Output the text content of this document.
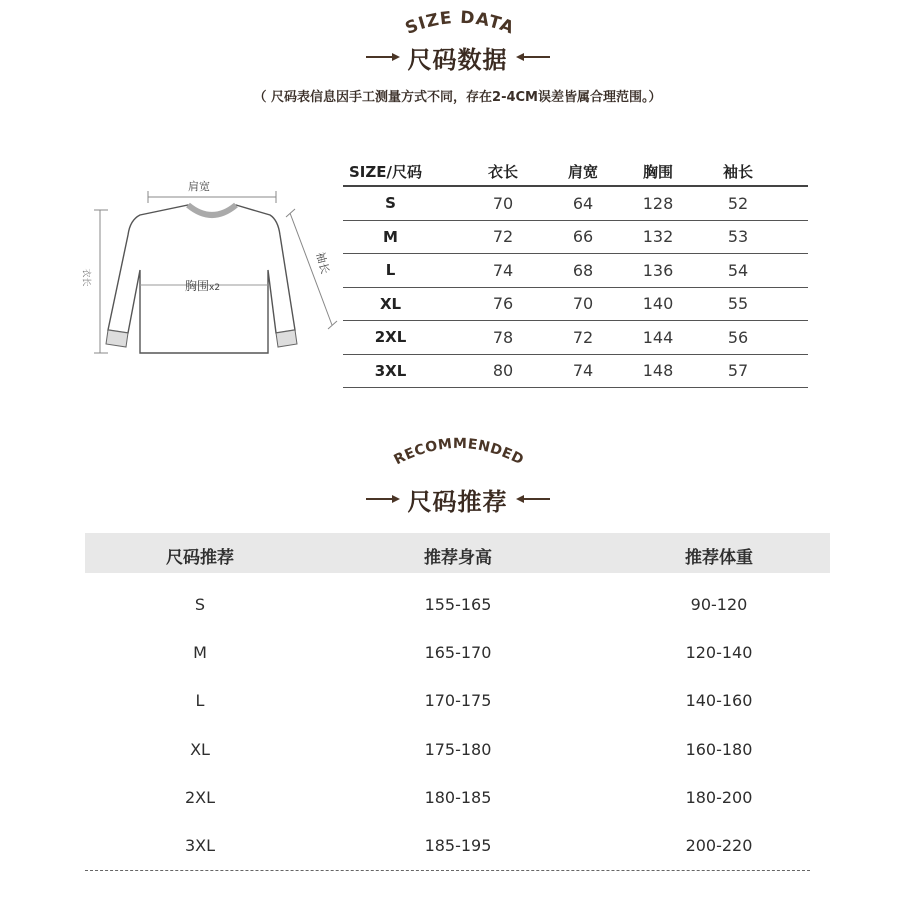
SIZE DATA
尺码数据
（ 尺码表信息因手工测量方式不同，存在2-4CM误差皆属合理范围。）
肩宽
衣长
袖长
胸围x2
SIZE/尺码	衣长	肩宽	胸围	袖长
S	70	64	128	52
M	72	66	132	53
L	74	68	136	54
XL	76	70	140	55
2XL	78	72	144	56
3XL	80	74	148	57
RECOMMENDED
尺码推荐
尺码推荐	推荐身高	推荐体重
S	155-165	90-120
M	165-170	120-140
L	170-175	140-160
XL	175-180	160-180
2XL	180-185	180-200
3XL	185-195	200-220
